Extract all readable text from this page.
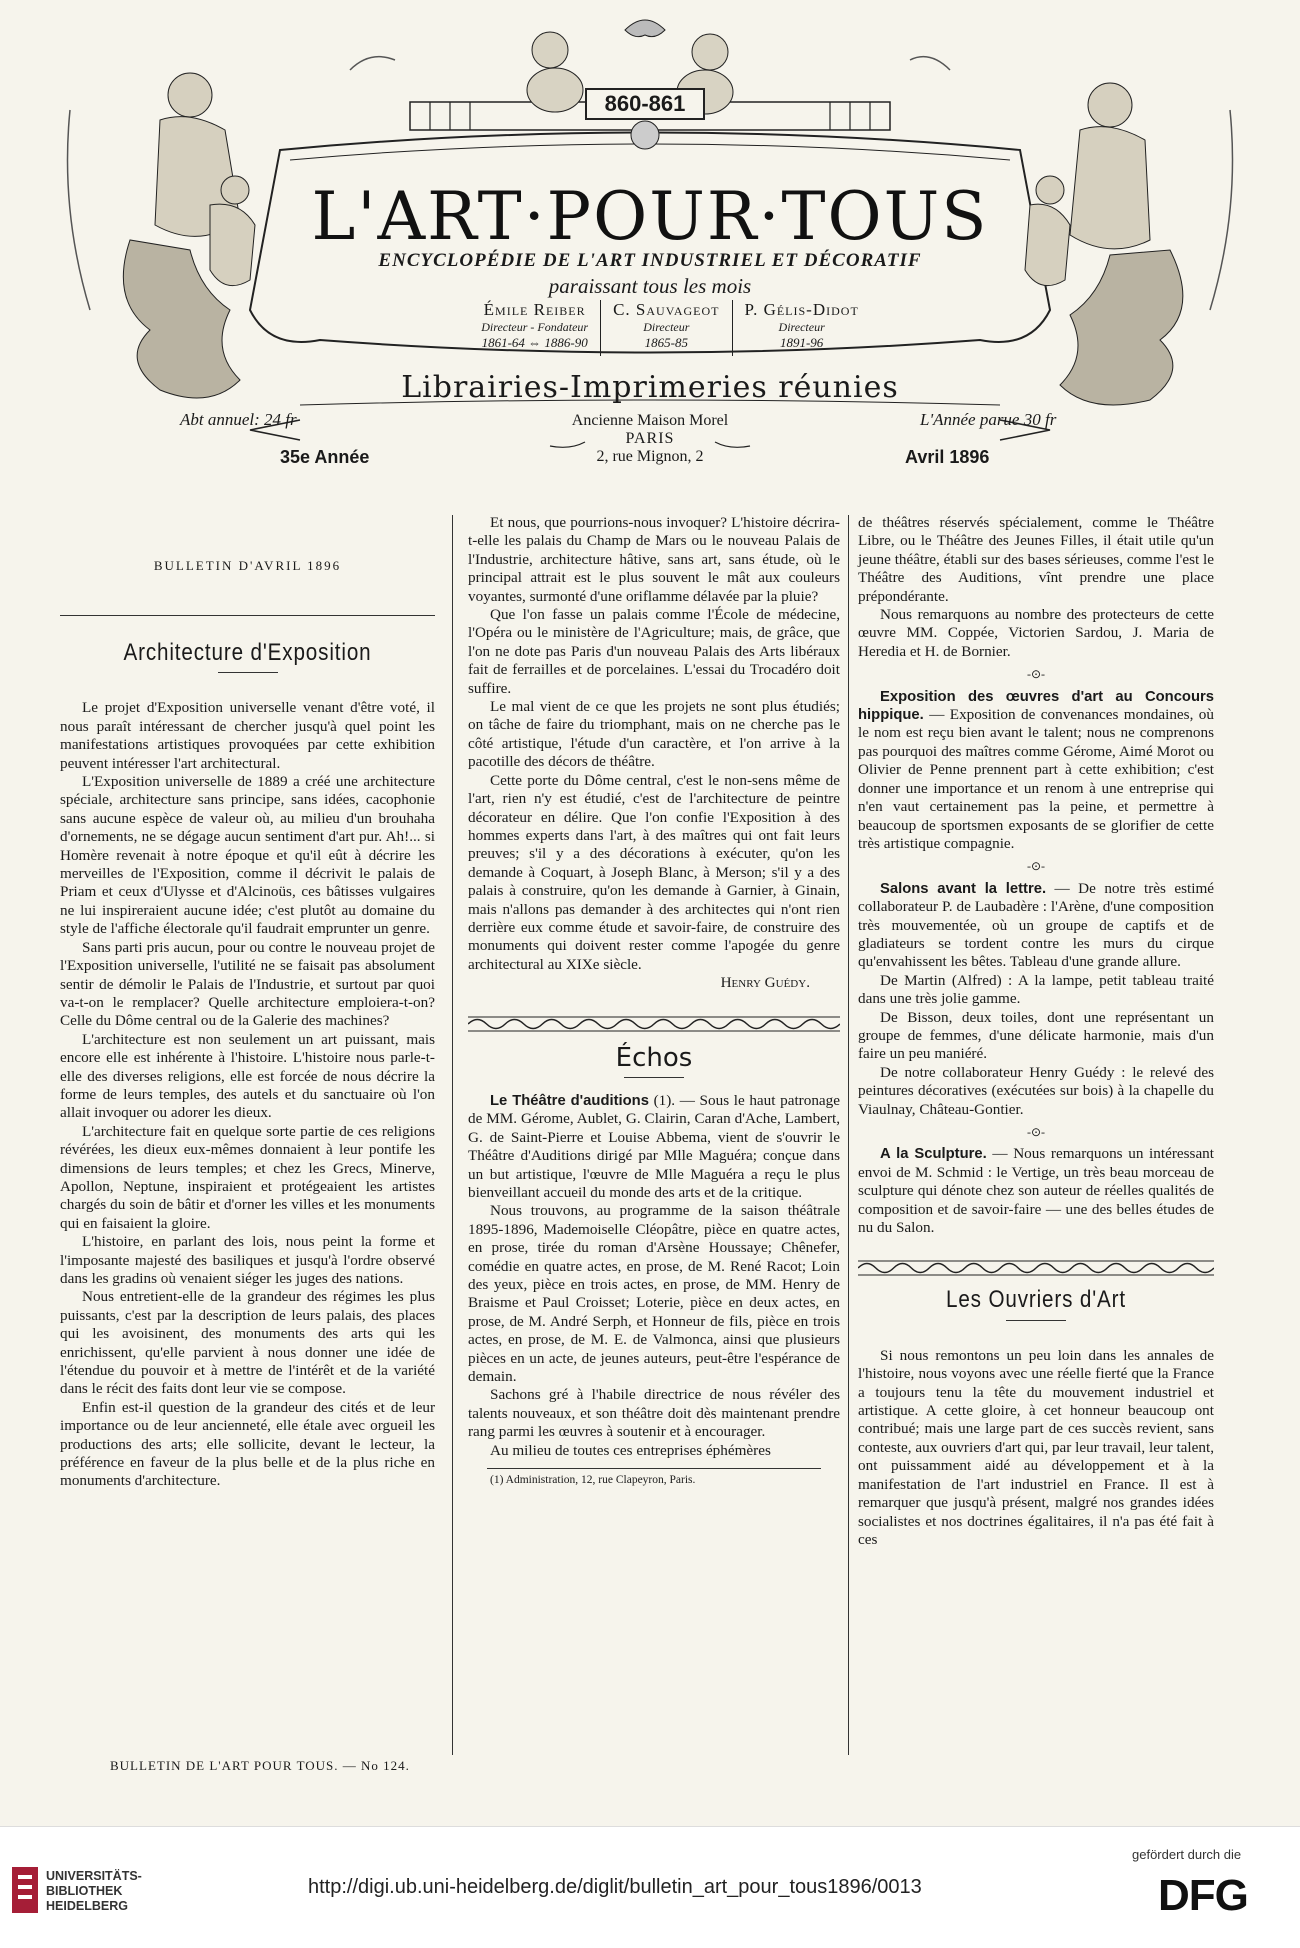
860-861
L'ART·POUR·TOUS
ENCYCLOPÉDIE DE L'ART INDUSTRIEL ET DÉCORATIF
paraissant tous les mois
Émile Reiber
Directeur - Fondateur
1861-64 ⇔ 1886-90
C. Sauvageot
Directeur
1865-85
P. Gélis-Didot
Directeur
1891-96
Librairies-Imprimeries réunies
Abt annuel: 24 fr	L'Année parue 30 fr
Ancienne Maison Morel
PARIS
2, rue Mignon, 2
35e Année	Avril 1896
BULLETIN D'AVRIL 1896
Architecture d'Exposition

Le projet d'Exposition universelle venant d'être voté, il nous paraît intéressant de chercher jusqu'à quel point les manifestations artistiques provoquées par cette exhibition peuvent intéresser l'art architectural.

L'Exposition universelle de 1889 a créé une architecture spéciale, architecture sans principe, sans idées, cacophonie sans aucune espèce de valeur où, au milieu d'un brouhaha d'ornements, ne se dégage aucun sentiment d'art pur. Ah!... si Homère revenait à notre époque et qu'il eût à décrire les merveilles de l'Exposition, comme il décrivit le palais de Priam et ceux d'Ulysse et d'Alcinoüs, ces bâtisses vulgaires ne lui inspireraient aucune idée; c'est plutôt au domaine du style de l'affiche électorale qu'il faudrait emprunter un genre.

Sans parti pris aucun, pour ou contre le nouveau projet de l'Exposition universelle, l'utilité ne se faisait pas absolument sentir de démolir le Palais de l'Industrie, et surtout par quoi va-t-on le remplacer? Quelle architecture emploiera-t-on? Celle du Dôme central ou de la Galerie des machines?

L'architecture est non seulement un art puissant, mais encore elle est inhérente à l'histoire. L'histoire nous parle-t-elle des diverses religions, elle est forcée de nous décrire la forme de leurs temples, des autels et du sanctuaire où l'on allait invoquer ou adorer les dieux.

L'architecture fait en quelque sorte partie de ces religions révérées, les dieux eux-mêmes donnaient à leur pontife les dimensions de leurs temples; et chez les Grecs, Minerve, Apollon, Neptune, inspiraient et protégeaient les artistes chargés du soin de bâtir et d'orner les villes et les monuments qui en faisaient la gloire.

L'histoire, en parlant des lois, nous peint la forme et l'imposante majesté des basiliques et jusqu'à l'ordre observé dans les gradins où venaient siéger les juges des nations.

Nous entretient-elle de la grandeur des régimes les plus puissants, c'est par la description de leurs palais, des places qui les avoisinent, des monuments des arts qui les enrichissent, qu'elle parvient à nous donner une idée de l'étendue du pouvoir et à mettre de l'intérêt et de la variété dans le récit des faits dont leur vie se compose.

Enfin est-il question de la grandeur des cités et de leur importance ou de leur ancienneté, elle étale avec orgueil les productions des arts; elle sollicite, devant le lecteur, la préférence en faveur de la plus belle et de la plus riche en monuments d'architecture.

Et nous, que pourrions-nous invoquer? L'histoire décrira-t-elle les palais du Champ de Mars ou le nouveau Palais de l'Industrie, architecture hâtive, sans art, sans étude, où le principal attrait est le plus souvent le mât aux couleurs voyantes, surmonté d'une oriflamme délavée par la pluie?

Que l'on fasse un palais comme l'École de médecine, l'Opéra ou le ministère de l'Agriculture; mais, de grâce, que l'on ne dote pas Paris d'un nouveau Palais des Arts libéraux fait de ferrailles et de porcelaines. L'essai du Trocadéro doit suffire.

Le mal vient de ce que les projets ne sont plus étudiés; on tâche de faire du triomphant, mais on ne cherche pas le côté artistique, l'étude d'un caractère, et l'on arrive à la pacotille des décors de théâtre.

Cette porte du Dôme central, c'est le non-sens même de l'art, rien n'y est étudié, c'est de l'architecture de peintre décorateur en délire. Que l'on confie l'Exposition à des hommes experts dans l'art, à des maîtres qui ont fait leurs preuves; s'il y a des décorations à exécuter, qu'on les demande à Coquart, à Joseph Blanc, à Merson; s'il y a des palais à construire, qu'on les demande à Garnier, à Ginain, mais n'allons pas demander à des architectes qui n'ont rien derrière eux comme étude et savoir-faire, de construire des monuments qui doivent rester comme l'apogée du genre architectural au XIXe siècle.

Henry Guédy.
Échos

Le Théâtre d'auditions (1). — Sous le haut patronage de MM. Gérome, Aublet, G. Clairin, Caran d'Ache, Lambert, G. de Saint-Pierre et Louise Abbema, vient de s'ouvrir le Théâtre d'Auditions dirigé par Mlle Maguéra; conçue dans un but artistique, l'œuvre de Mlle Maguéra a reçu le plus bienveillant accueil du monde des arts et de la critique.

Nous trouvons, au programme de la saison théâtrale 1895-1896, Mademoiselle Cléopâtre, pièce en quatre actes, en prose, tirée du roman d'Arsène Houssaye; Chênefer, comédie en quatre actes, en prose, de M. René Racot; Loin des yeux, pièce en trois actes, en prose, de MM. Henry de Braisme et Paul Croisset; Loterie, pièce en deux actes, en prose, de M. André Serph, et Honneur de fils, pièce en trois actes, en prose, de M. E. de Valmonca, ainsi que plusieurs pièces en un acte, de jeunes auteurs, peut-être l'espérance de demain.

Sachons gré à l'habile directrice de nous révéler des talents nouveaux, et son théâtre doit dès maintenant prendre rang parmi les œuvres à soutenir et à encourager.

Au milieu de toutes ces entreprises éphémères

(1) Administration, 12, rue Clapeyron, Paris.

de théâtres réservés spécialement, comme le Théâtre Libre, ou le Théâtre des Jeunes Filles, il était utile qu'un jeune théâtre, établi sur des bases sérieuses, comme l'est le Théâtre des Auditions, vînt prendre une place prépondérante.

Nous remarquons au nombre des protecteurs de cette œuvre MM. Coppée, Victorien Sardou, J. Maria de Heredia et H. de Bornier.

-⊙-

Exposition des œuvres d'art au Concours hippique. — Exposition de convenances mondaines, où le nom est reçu bien avant le talent; nous ne comprenons pas pourquoi des maîtres comme Gérome, Aimé Morot ou Olivier de Penne prennent part à cette exhibition; c'est donner une importance et un renom à une entreprise qui n'en vaut certainement pas la peine, et permettre à beaucoup de sportsmen exposants de se glorifier de cette très artistique compagnie.

-⊙-

Salons avant la lettre. — De notre très estimé collaborateur P. de Laubadère : l'Arène, d'une composition très mouvementée, où un groupe de captifs et de gladiateurs se tordent contre les murs du cirque qu'envahissent les bêtes. Tableau d'une grande allure.

De Martin (Alfred) : A la lampe, petit tableau traité dans une très jolie gamme.

De Bisson, deux toiles, dont une représentant un groupe de femmes, d'une délicate harmonie, mais d'un faire un peu maniéré.

De notre collaborateur Henry Guédy : le relevé des peintures décoratives (exécutées sur bois) à la chapelle du Viaulnay, Château-Gontier.

-⊙-

A la Sculpture. — Nous remarquons un intéressant envoi de M. Schmid : le Vertige, un très beau morceau de sculpture qui dénote chez son auteur de réelles qualités de composition et de savoir-faire — une des belles études de nu du Salon.

Les Ouvriers d'Art

Si nous remontons un peu loin dans les annales de l'histoire, nous voyons avec une réelle fierté que la France a toujours tenu la tête du mouvement industriel et artistique. A cette gloire, à cet honneur beaucoup ont contribué; mais une large part de ces succès revient, sans conteste, aux ouvriers d'art qui, par leur travail, leur talent, ont puissamment aidé au développement et à la manifestation de l'art industriel en France. Il est à remarquer que jusqu'à présent, malgré nos grandes idées socialistes et nos doctrines égalitaires, il n'a pas été fait à ces

BULLETIN DE L'ART POUR TOUS. — No 124.
UNIVERSITÄTS-
BIBLIOTHEK
HEIDELBERG
http://digi.ub.uni-heidelberg.de/diglit/bulletin_art_pour_tous1896/0013
gefördert durch die
DFG
